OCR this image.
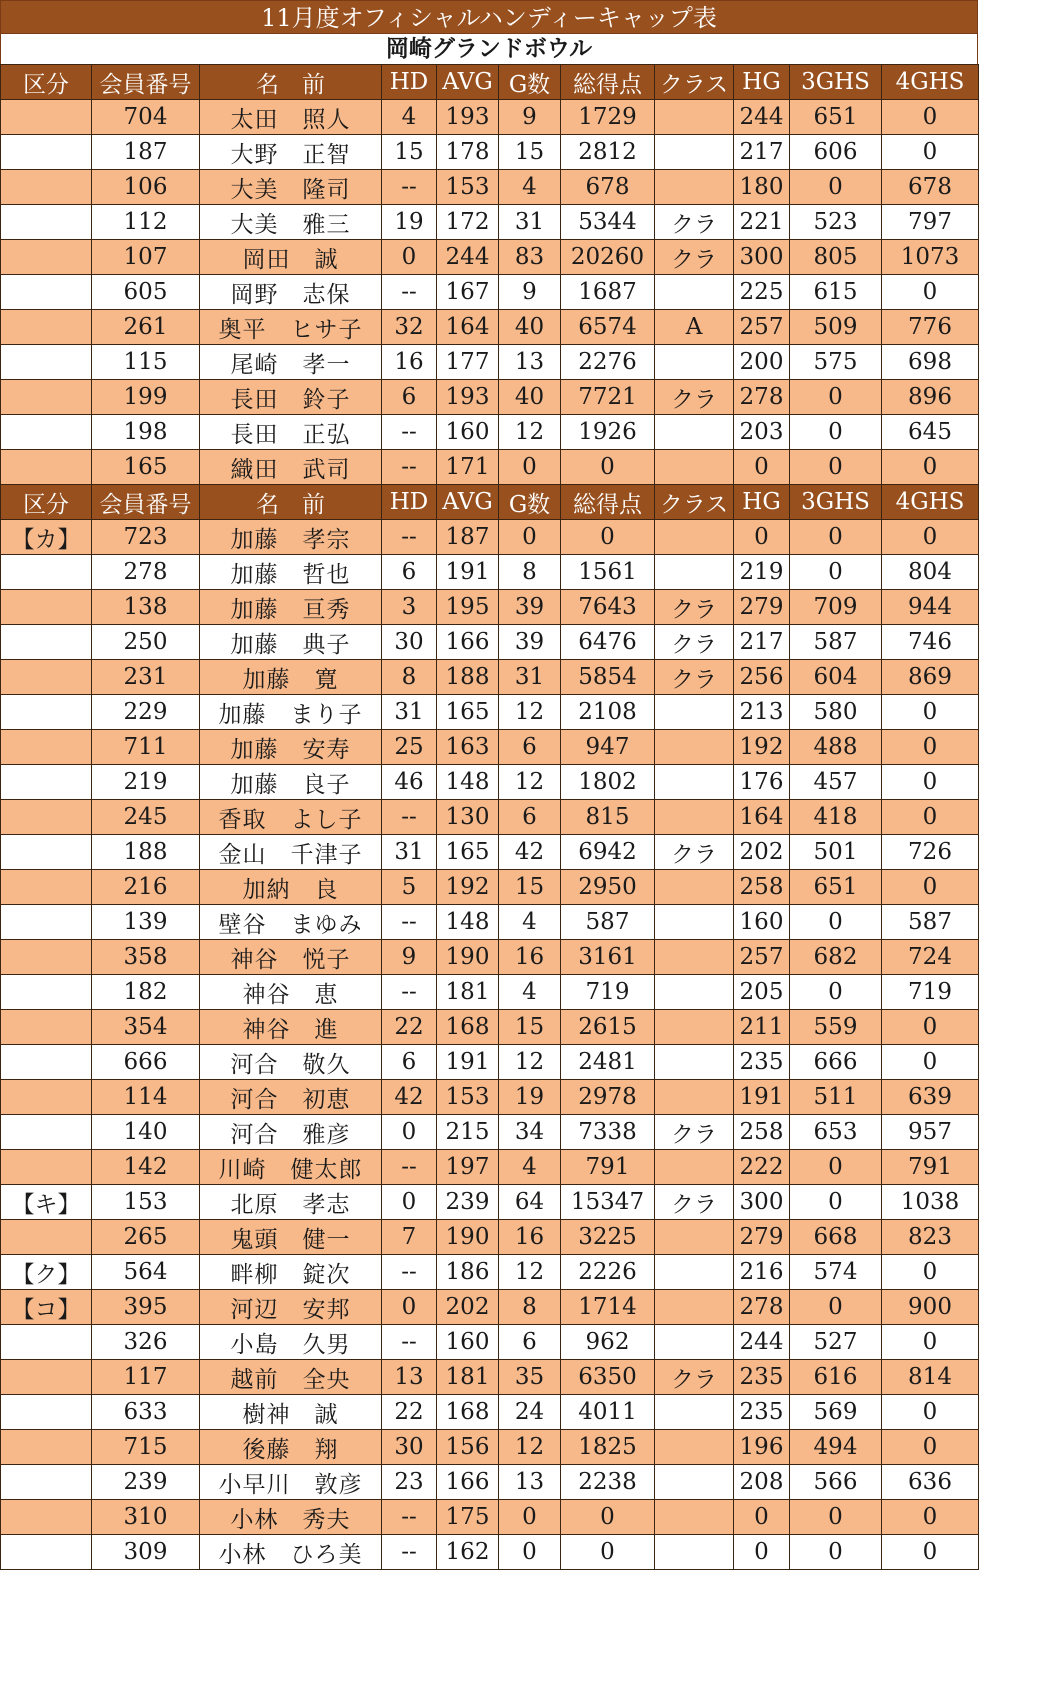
11月度オフィシャルハンディーキャップ表
岡崎グランドボウル
区分	会員番号	名　前	HD	AVG	G数	総得点	クラス	HG	3GHS	4GHS
	704	太田　照人	4	193	9	1729		244	651	0
	187	大野　正智	15	178	15	2812		217	606	0
	106	大美　隆司	--	153	4	678		180	0	678
	112	大美　雅三	19	172	31	5344	クラ	221	523	797
	107	岡田　誠	0	244	83	20260	クラ	300	805	1073
	605	岡野　志保	--	167	9	1687		225	615	0
	261	奥平　ヒサ子	32	164	40	6574	A	257	509	776
	115	尾崎　孝一	16	177	13	2276		200	575	698
	199	長田　鈴子	6	193	40	7721	クラ	278	0	896
	198	長田　正弘	--	160	12	1926		203	0	645
	165	織田　武司	--	171	0	0		0	0	0
区分	会員番号	名　前	HD	AVG	G数	総得点	クラス	HG	3GHS	4GHS
【カ】	723	加藤　孝宗	--	187	0	0		0	0	0
	278	加藤　哲也	6	191	8	1561		219	0	804
	138	加藤　亘秀	3	195	39	7643	クラ	279	709	944
	250	加藤　典子	30	166	39	6476	クラ	217	587	746
	231	加藤　寛	8	188	31	5854	クラ	256	604	869
	229	加藤　まり子	31	165	12	2108		213	580	0
	711	加藤　安寿	25	163	6	947		192	488	0
	219	加藤　良子	46	148	12	1802		176	457	0
	245	香取　よし子	--	130	6	815		164	418	0
	188	金山　千津子	31	165	42	6942	クラ	202	501	726
	216	加納　良	5	192	15	2950		258	651	0
	139	壁谷　まゆみ	--	148	4	587		160	0	587
	358	神谷　悦子	9	190	16	3161		257	682	724
	182	神谷　恵	--	181	4	719		205	0	719
	354	神谷　進	22	168	15	2615		211	559	0
	666	河合　敬久	6	191	12	2481		235	666	0
	114	河合　初恵	42	153	19	2978		191	511	639
	140	河合　雅彦	0	215	34	7338	クラ	258	653	957
	142	川崎　健太郎	--	197	4	791		222	0	791
【キ】	153	北原　孝志	0	239	64	15347	クラ	300	0	1038
	265	鬼頭　健一	7	190	16	3225		279	668	823
【ク】	564	畔柳　錠次	--	186	12	2226		216	574	0
【コ】	395	河辺　安邦	0	202	8	1714		278	0	900
	326	小島　久男	--	160	6	962		244	527	0
	117	越前　全央	13	181	35	6350	クラ	235	616	814
	633	樹神　誠	22	168	24	4011		235	569	0
	715	後藤　翔	30	156	12	1825		196	494	0
	239	小早川　敦彦	23	166	13	2238		208	566	636
	310	小林　秀夫	--	175	0	0		0	0	0
	309	小林　ひろ美	--	162	0	0		0	0	0
